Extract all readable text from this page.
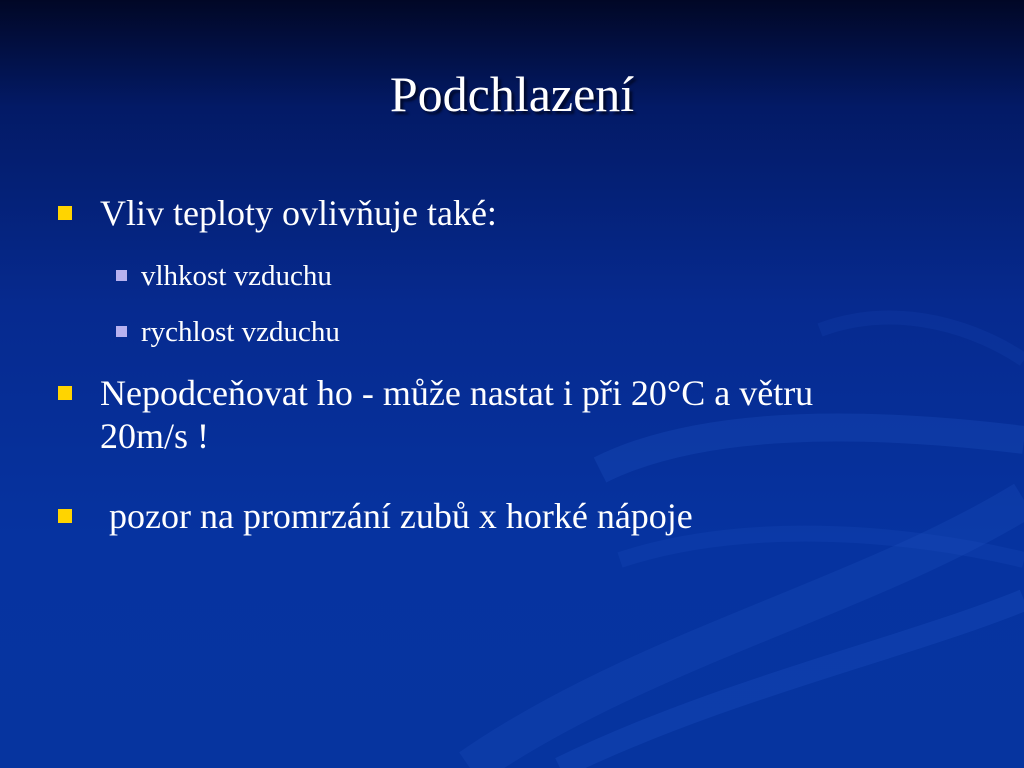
Podchlazení
Vliv teploty ovlivňuje také:
vlhkost vzduchu
rychlost vzduchu
Nepodceňovat ho - může nastat i při 20°C a větru 20m/s !
pozor na promrzání zubů x horké nápoje
